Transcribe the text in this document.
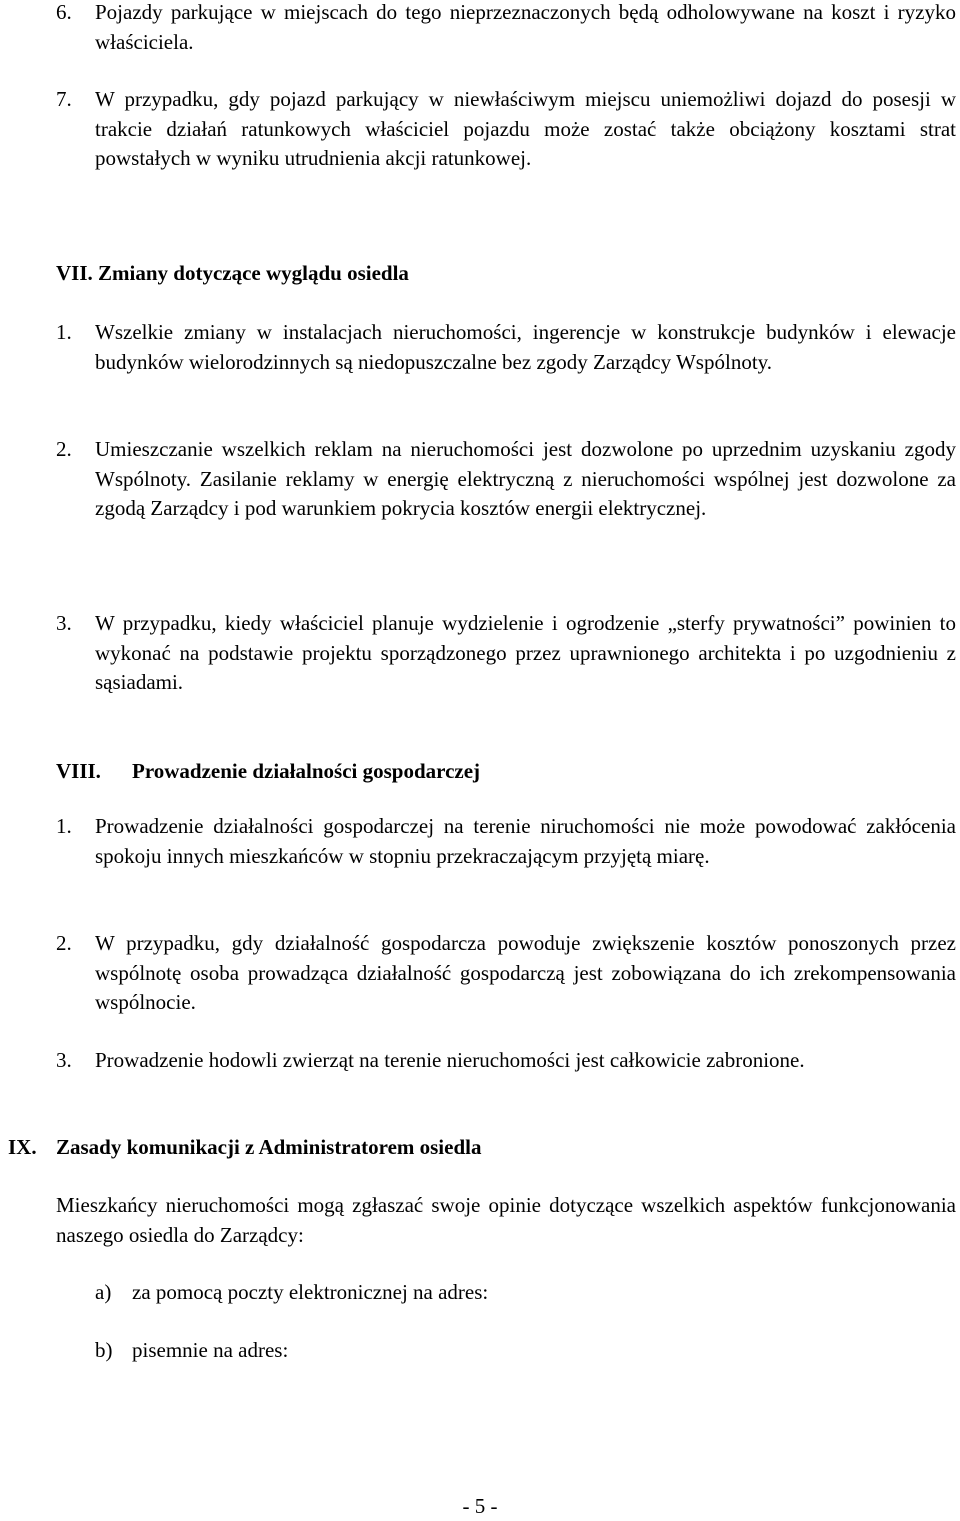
6. Pojazdy parkujące w miejscach do tego nieprzeznaczonych będą odholowywane na koszt i ryzyko właściciela.
7. W przypadku, gdy pojazd parkujący w niewłaściwym miejscu uniemożliwi dojazd do posesji w trakcie działań ratunkowych właściciel pojazdu może zostać także obciążony kosztami strat powstałych w wyniku utrudnienia akcji ratunkowej.
VII. Zmiany dotyczące wyglądu osiedla
1. Wszelkie zmiany w instalacjach nieruchomości, ingerencje w konstrukcje budynków i elewacje budynków wielorodzinnych są niedopuszczalne bez zgody Zarządcy Wspólnoty.
2. Umieszczanie wszelkich reklam na nieruchomości jest dozwolone po uprzednim uzyskaniu zgody Wspólnoty. Zasilanie reklamy w energię elektryczną z nieruchomości wspólnej jest dozwolone za zgodą Zarządcy i pod warunkiem pokrycia kosztów energii elektrycznej.
3. W przypadku, kiedy właściciel planuje wydzielenie i ogrodzenie „sterfy prywatności” powinien to wykonać na podstawie projektu sporządzonego przez uprawnionego architekta i po uzgodnieniu z sąsiadami.
VIII. Prowadzenie działalności gospodarczej
1. Prowadzenie działalności gospodarczej na terenie niruchomości nie może powodować zakłócenia spokoju innych mieszkańców w stopniu przekraczającym przyjętą miarę.
2. W przypadku, gdy działalność gospodarcza powoduje zwiększenie kosztów ponoszonych przez wspólnotę osoba prowadząca działalność gospodarczą jest zobowiązana do ich zrekompensowania wspólnocie.
3. Prowadzenie hodowli zwierząt na terenie nieruchomości jest całkowicie zabronione.
IX. Zasady komunikacji z Administratorem osiedla
Mieszkańcy nieruchomości mogą zgłaszać swoje opinie dotyczące wszelkich aspektów funkcjonowania naszego osiedla do Zarządcy:
a) za pomocą poczty elektronicznej na adres:
b) pisemnie na adres:
- 5 -
